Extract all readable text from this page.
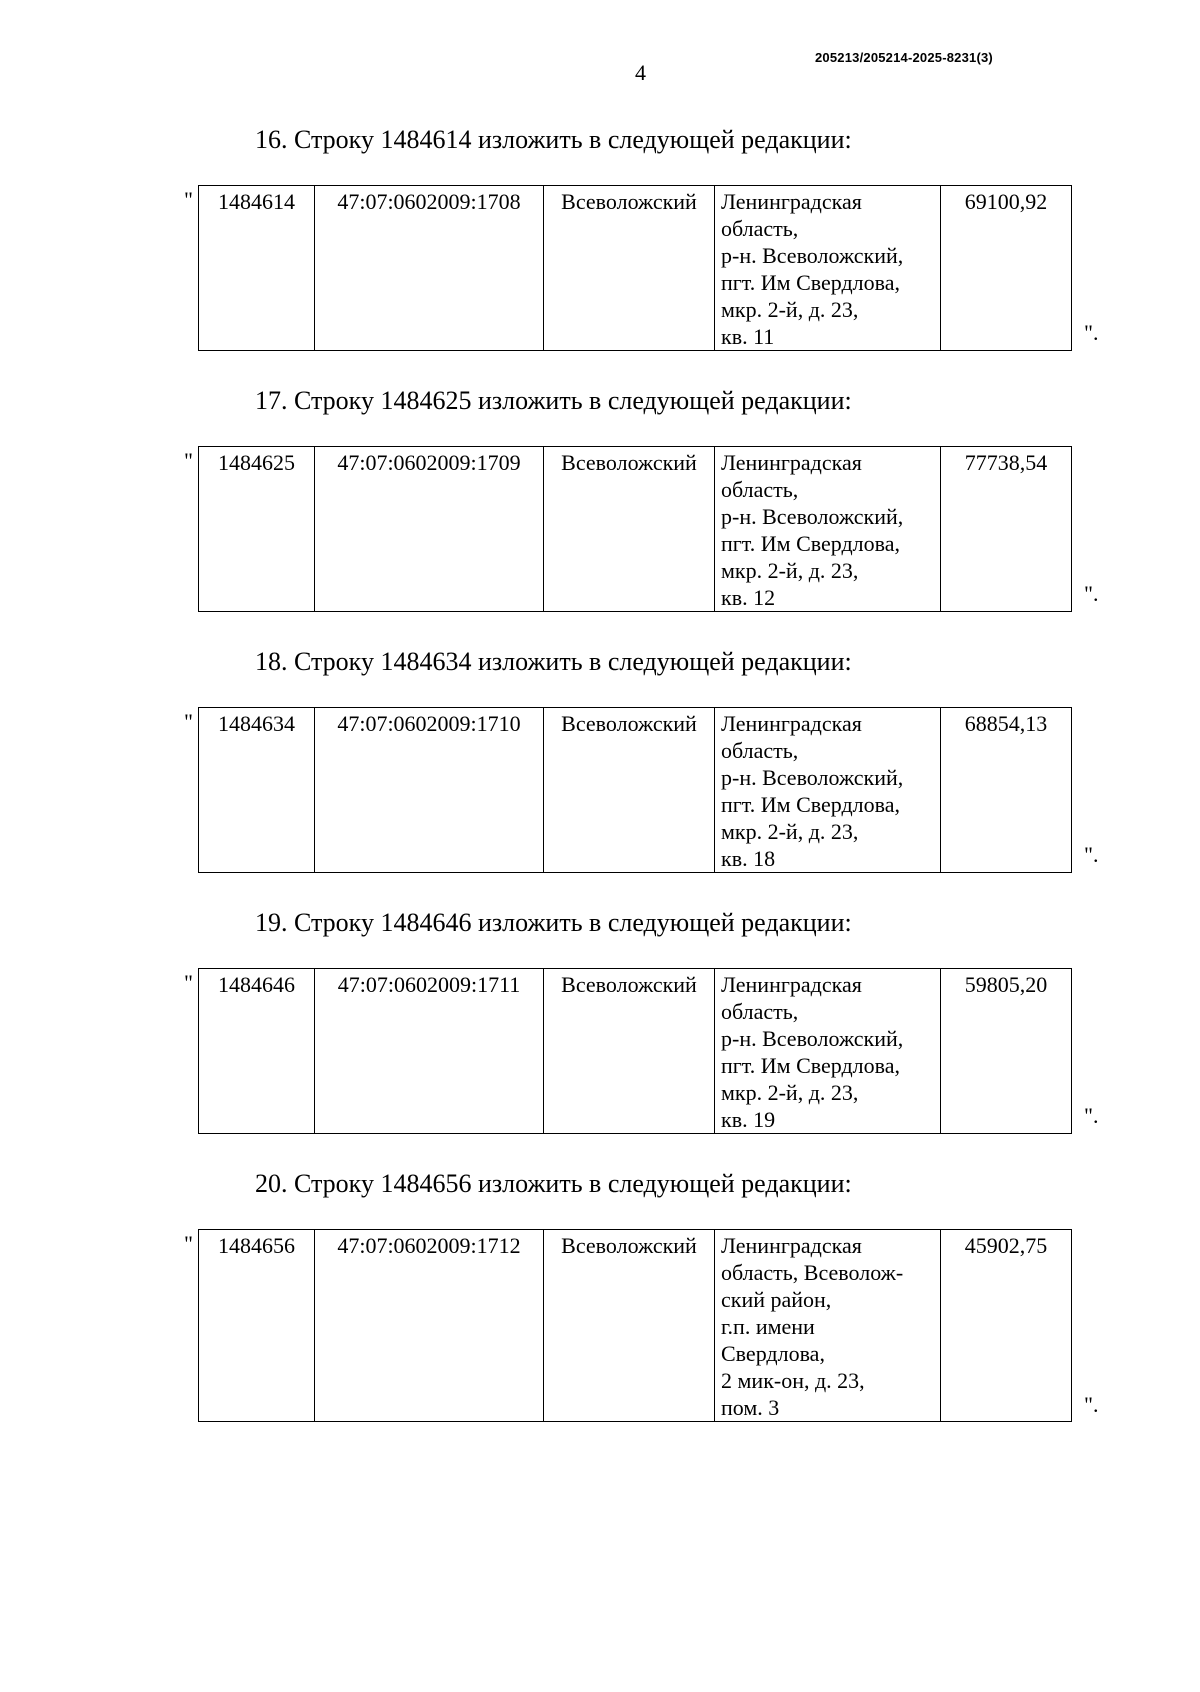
4
205213/205214-2025-8231(3)
16. Строку 1484614 изложить в следующей редакции:
" 1484614	47:07:0602009:1708	Всеволожский	Ленинградская
область,
р-н. Всеволожский,
пгт. Им Свердлова,
мкр. 2-й, д. 23,
кв. 11
	69100,92
".
17. Строку 1484625 изложить в следующей редакции:
" 1484625	47:07:0602009:1709	Всеволожский	Ленинградская
область,
р-н. Всеволожский,
пгт. Им Свердлова,
мкр. 2-й, д. 23,
кв. 12
	77738,54
".
18. Строку 1484634 изложить в следующей редакции:
" 1484634	47:07:0602009:1710	Всеволожский	Ленинградская
область,
р-н. Всеволожский,
пгт. Им Свердлова,
мкр. 2-й, д. 23,
кв. 18
	68854,13
".
19. Строку 1484646 изложить в следующей редакции:
" 1484646	47:07:0602009:1711	Всеволожский	Ленинградская
область,
р-н. Всеволожский,
пгт. Им Свердлова,
мкр. 2-й, д. 23,
кв. 19
	59805,20
".
20. Строку 1484656 изложить в следующей редакции:
" 1484656	47:07:0602009:1712	Всеволожский	Ленинградская
область, Всеволож-
ский район,
г.п. имени
Свердлова,
2 мик-он, д. 23,
пом. 3
	45902,75
".
